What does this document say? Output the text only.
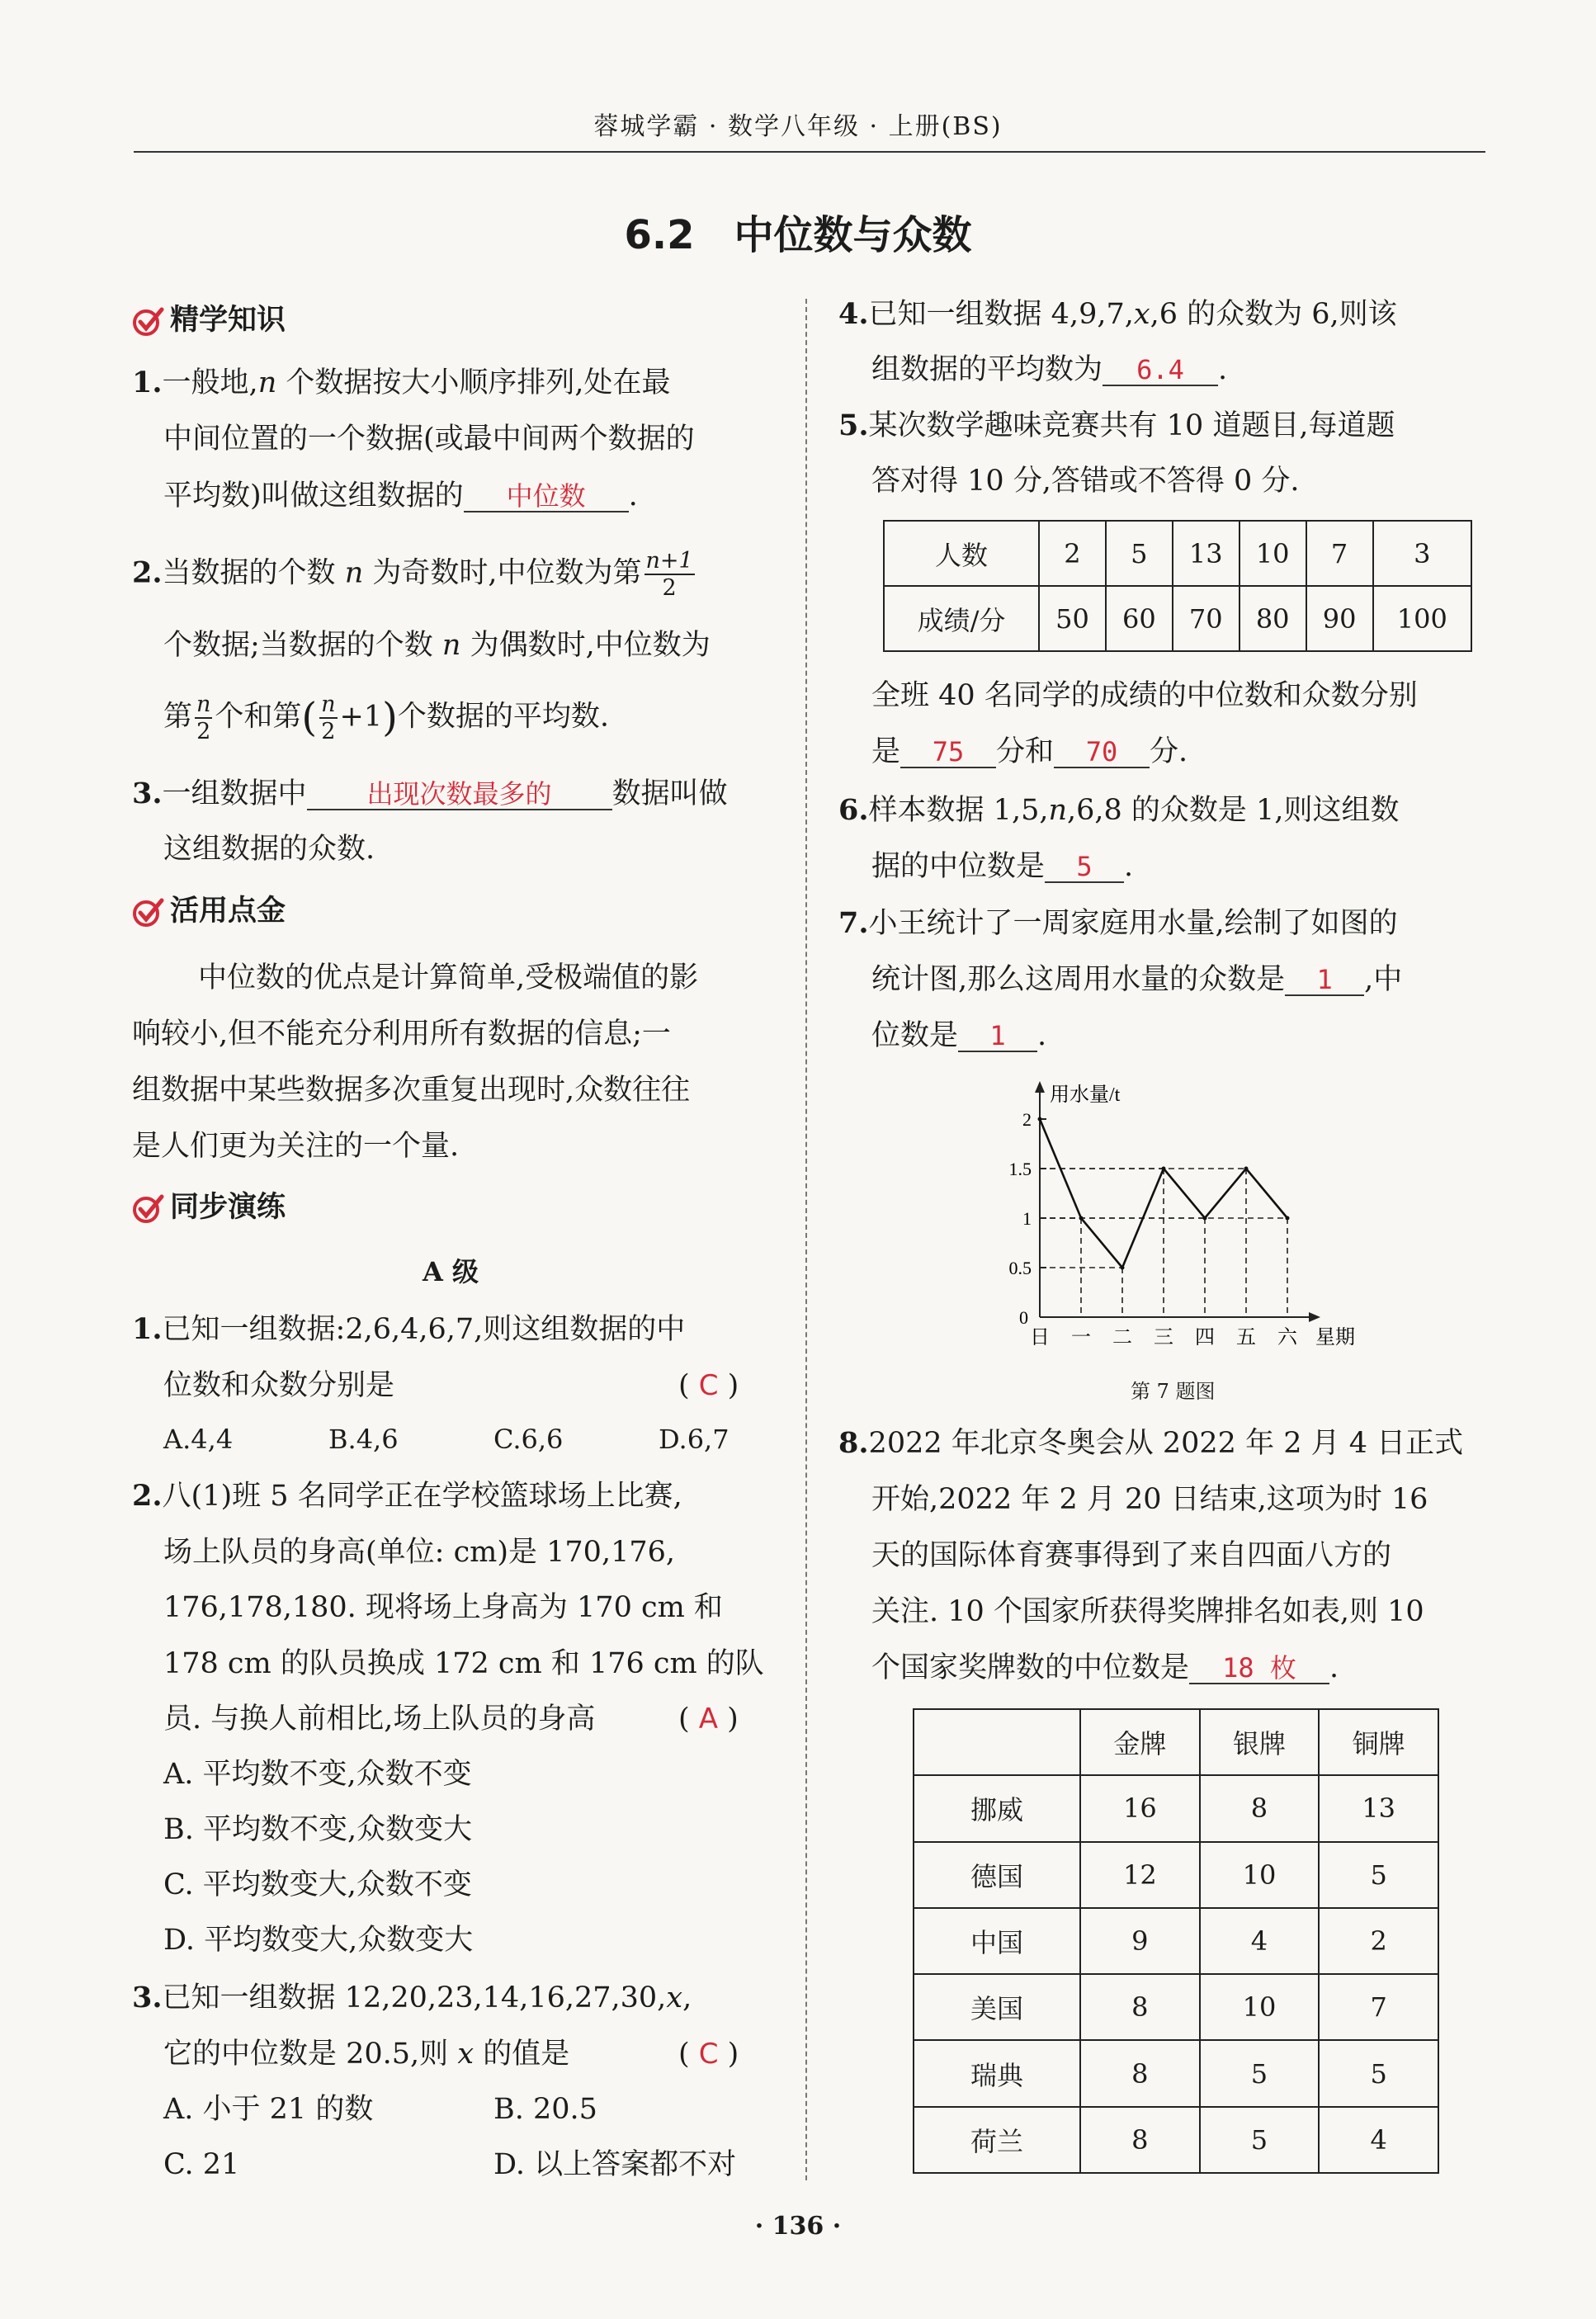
蓉城学霸 · 数学八年级 · 上册(BS)
6.2　中位数与众数
精学知识
1.一般地,n 个数据按大小顺序排列,处在最
中间位置的一个数据(或最中间两个数据的
平均数)叫做这组数据的 中位数 .
2.当数据的个数 n 为奇数时,中位数为第 $\frac{n+1}{2}$
个数据;当数据的个数 n 为偶数时,中位数为
第 $\frac{n}{2}$ 个和第( $\frac{n}{2} +1$)个数据的平均数.
3.一组数据中 出现次数最多的 数据叫做
这组数据的众数.
活用点金
中位数的优点是计算简单,受极端值的影
响较小,但不能充分利用所有数据的信息;一
组数据中某些数据多次重复出现时,众数往往
是人们更为关注的一个量.
同步演练
A 级
1.已知一组数据:2,6,4,6,7,则这组数据的中
位数和众数分别是	( C )
A.4,4	B.4,6	C.6,6	D.6,7
2.八(1)班 5 名同学正在学校篮球场上比赛,
场上队员的身高(单位: cm)是 170,176,
176,178,180. 现将场上身高为 170 cm 和
178 cm 的队员换成 172 cm 和 176 cm 的队
员. 与换人前相比,场上队员的身高	( A )
A. 平均数不变,众数不变
B. 平均数不变,众数变大
C. 平均数变大,众数不变
D. 平均数变大,众数变大
3.已知一组数据 12,20,23,14,16,27,30,x,
它的中位数是 20.5,则 x 的值是	( C )
A. 小于 21 的数	B. 20.5
C. 21	D. 以上答案都不对
4.已知一组数据 4,9,7,x,6 的众数为 6,则该
组数据的平均数为 6.4 .
5.某次数学趣味竞赛共有 10 道题目,每道题
答对得 10 分,答错或不答得 0 分.
人数	2	5	13	10	7	3
成绩/分	50	60	70	80	90	100
全班 40 名同学的成绩的中位数和众数分别
是 75 分和 70 分.
6.样本数据 1,5,n,6,8 的众数是 1,则这组数
据的中位数是 5 .
7.小王统计了一周家庭用水量,绘制了如图的
统计图,那么这周用水量的众数是 1 ,中
位数是 1 .
用水量/t
星期
0
2
1.5
1
0.5
日 一 二 三 四 五 六
第 7 题图
8.2022 年北京冬奥会从 2022 年 2 月 4 日正式
开始,2022 年 2 月 20 日结束,这项为时 16
天的国际体育赛事得到了来自四面八方的
关注. 10 个国家所获得奖牌排名如表,则 10
个国家奖牌数的中位数是 18 枚 .
	金牌	银牌	铜牌
挪威	16	8	13
德国	12	10	5
中国	9	4	2
美国	8	10	7
瑞典	8	5	5
荷兰	8	5	4
· 136 ·
